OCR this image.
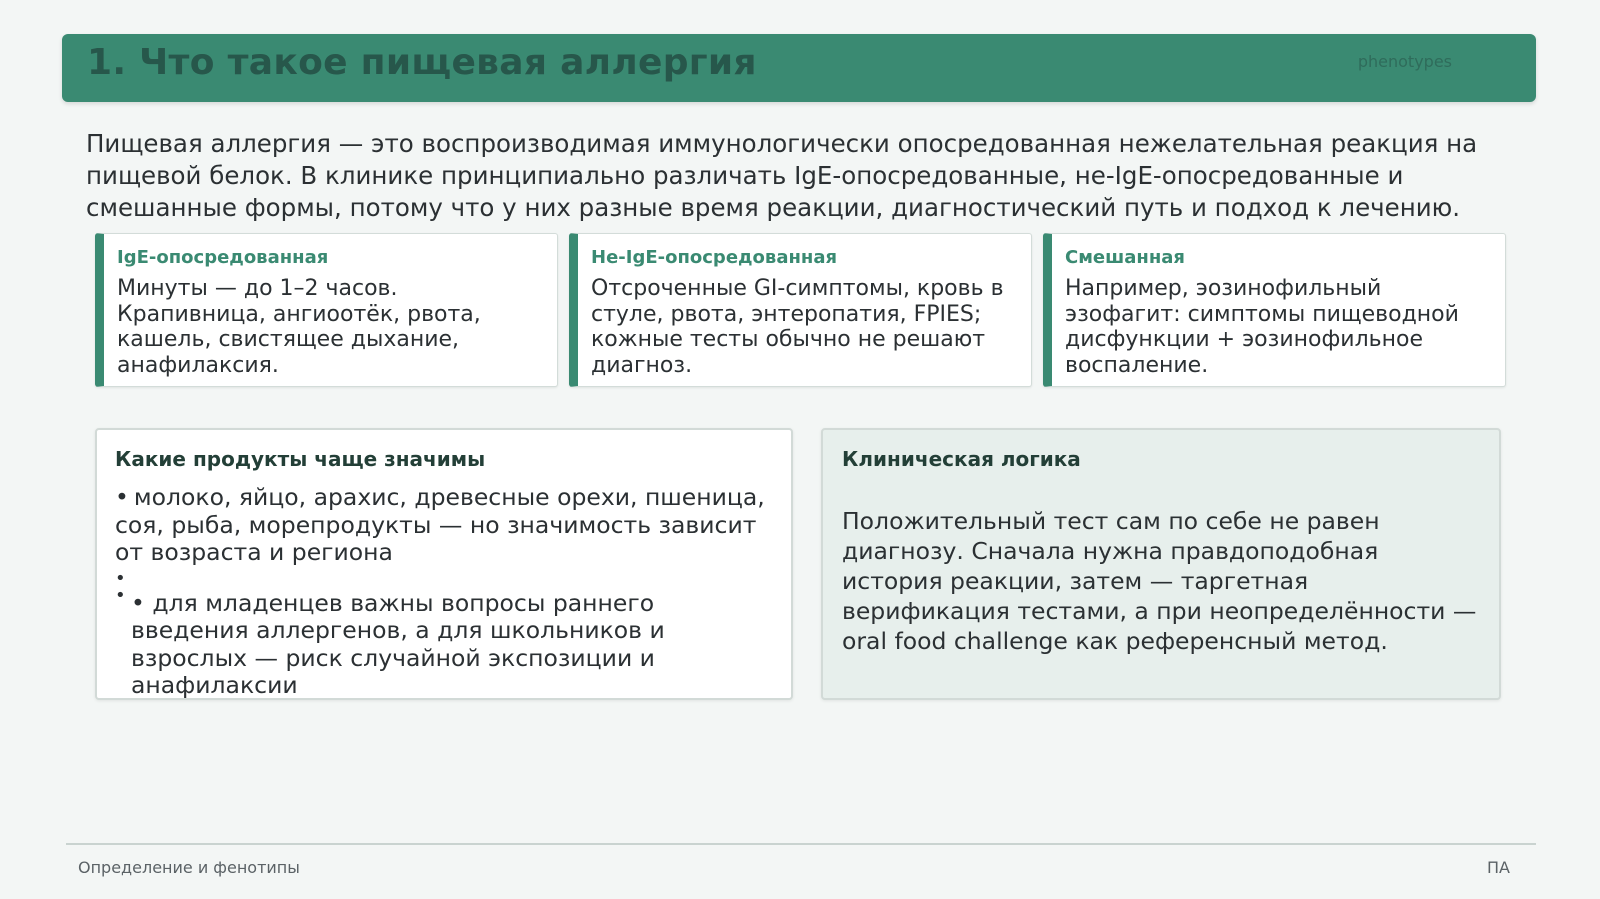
1. Что такое пищевая аллергия	phenotypes

Пищевая аллергия — это воспроизводимая иммунологически опосредованная нежелательная реакция на пищевой белок. В клинике принципиально различать IgE-опосредованные, не-IgE-опосредованные и смешанные формы, потому что у них разные время реакции, диагностический путь и подход к лечению.

IgE-опосредованная
Минуты — до 1–2 часов. Крапивница, ангиоотёк, рвота, кашель, свистящее дыхание, анафилаксия.
Не-IgE-опосредованная
Отсроченные GI-симптомы, кровь в стуле, рвота, энтеропатия, FPIES; кожные тесты обычно не решают диагноз.
Смешанная
Например, эозинофильный эзофагит: симптомы пищеводной дисфункции + эозинофильное воспаление.
Какие продукты чаще значимы
• молоко, яйцо, арахис, древесные орехи, пшеница, соя, рыба, морепродукты — но значимость зависит от возраста и региона
•
• • для младенцев важны вопросы раннего введения аллергенов, а для школьников и взрослых — риск случайной экспозиции и анафилаксии
Клиническая логика
Положительный тест сам по себе не равен диагнозу. Сначала нужна правдоподобная история реакции, затем — таргетная верификация тестами, а при неопределённости — oral food challenge как референсный метод.
Определение и фенотипы	ПА
